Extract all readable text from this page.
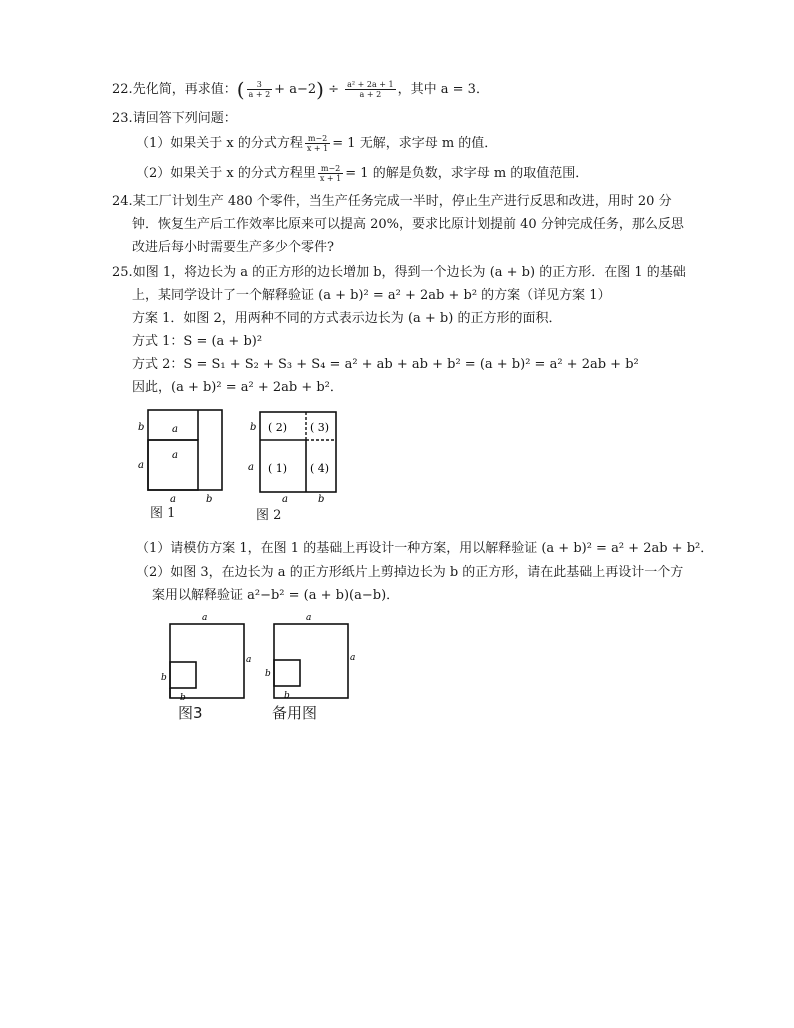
22.先化简，再求值：( $\frac{3}{a + 2} + a-2) \div \frac{\text{a² + 2a + 1}}{a + 2}$ ，其中 a = 3．
23.请回答下列问题：
（1）如果关于 x 的分式方程 $\frac{m-2}{x + 1} = 1$ 无解，求字母 m 的值．
（2）如果关于 x 的分式方程里 $\frac{m-2}{x + 1} = 1$ 的解是负数，求字母 m 的取值范围．
24.某工厂计划生产 480 个零件，当生产任务完成一半时，停止生产进行反思和改进，用时 20 分
钟．恢复生产后工作效率比原来可以提高 20%，要求比原计划提前 40 分钟完成任务，那么反思
改进后每小时需要生产多少个零件?
25.如图 1，将边长为 a 的正方形的边长增加 b，得到一个边长为 (a + b) 的正方形．在图 1 的基础
上，某同学设计了一个解释验证 (a + b)² = a² + 2ab + b² 的方案（详见方案 1）
方案 1．如图 2，用两种不同的方式表示边长为 (a + b) 的正方形的面积．
方式 1：S = (a + b)²
方式 2：S = S₁ + S₂ + S₃ + S₄ = a² + ab + ab + b² = (a + b)² = a² + 2ab + b²
因此，(a + b)² = a² + 2ab + b²．
a
a
b
a
a	b
图 1
( 2) ( 3)
( 1) ( 4)
b
a
a	b
图 2
（1）请模仿方案 1，在图 1 的基础上再设计一种方案，用以解释验证 (a + b)² = a² + 2ab + b²．
（2）如图 3，在边长为 a 的正方形纸片上剪掉边长为 b 的正方形，请在此基础上再设计一个方
案用以解释验证 a²−b² = (a + b)(a−b)．
a
a
b
b
图3
a
a
b
b
备用图
